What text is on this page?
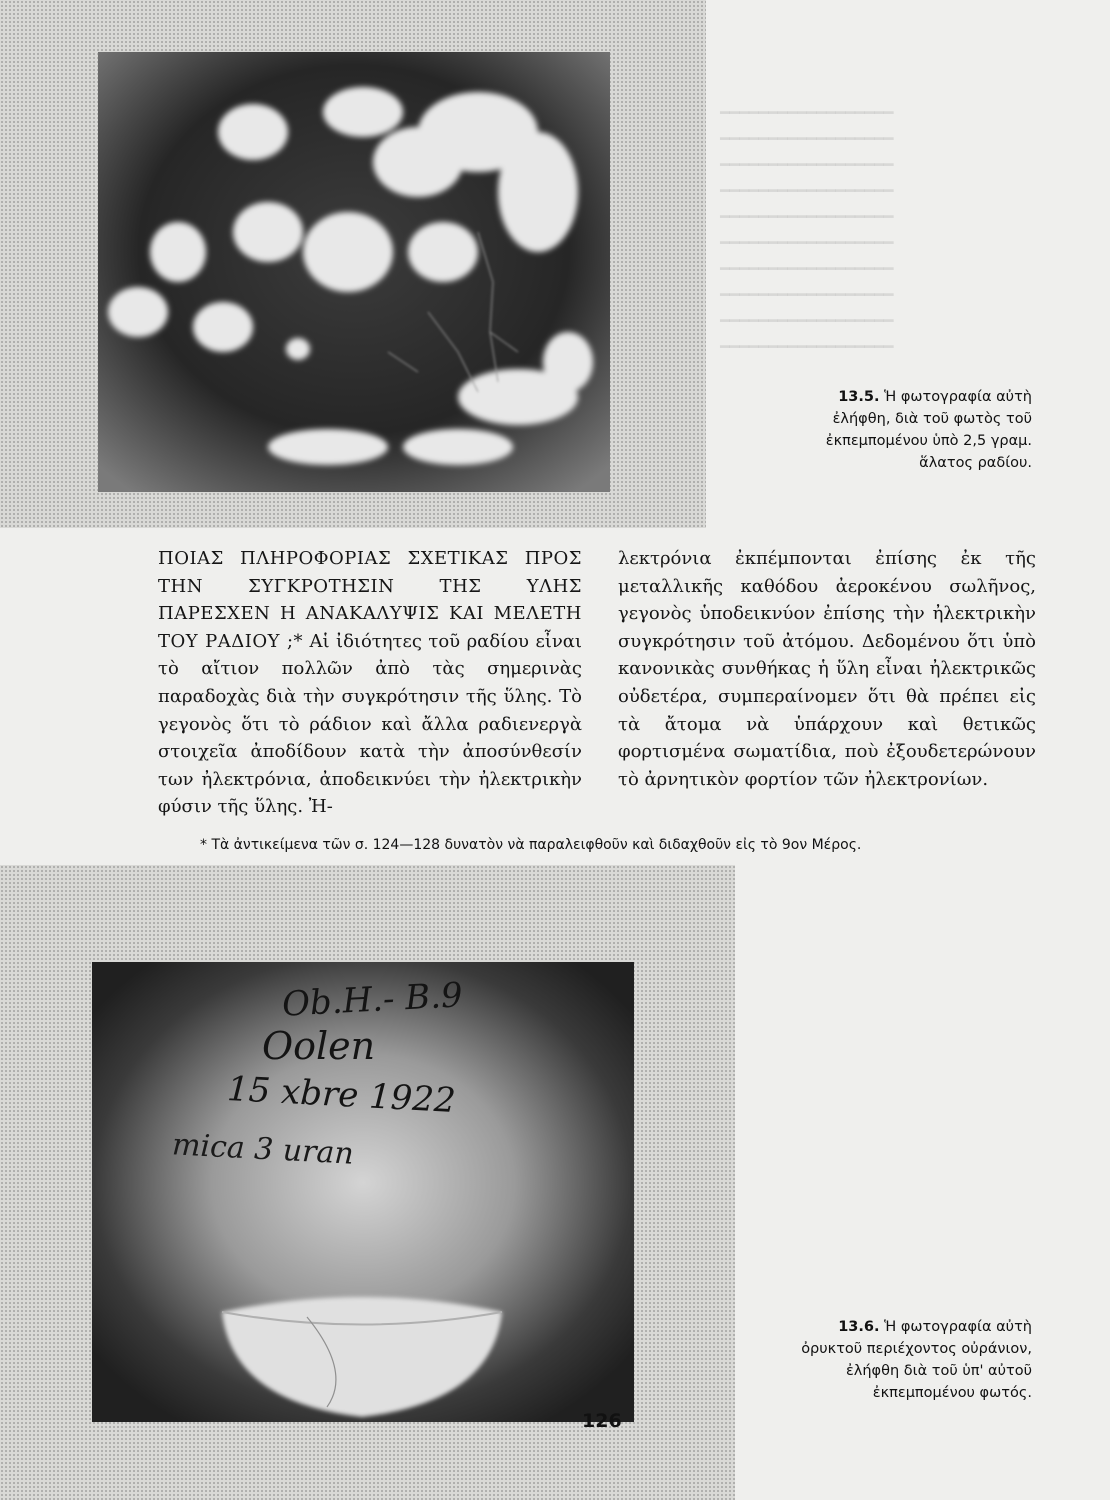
━━━━━━━━━━━━━━━━━━
━━━━━━━━━━━━━━━━━━
━━━━━━━━━━━━━━━━━━
━━━━━━━━━━━━━━━━━━
━━━━━━━━━━━━━━━━━━
━━━━━━━━━━━━━━━━━━
━━━━━━━━━━━━━━━━━━
━━━━━━━━━━━━━━━━━━
━━━━━━━━━━━━━━━━━━
━━━━━━━━━━━━━━━━━━

13.5. Ἡ φωτογραφία αὐτὴ ἐλήφθη, διὰ τοῦ φωτὸς τοῦ ἐκπεμπομένου ὑπὸ 2,5 γραμ. ἅλατος ραδίου.

ΠΟΙΑΣ ΠΛΗΡΟΦΟΡΙΑΣ ΣΧΕΤΙΚΑΣ ΠΡΟΣ ΤΗΝ ΣΥΓΚΡΟΤΗΣΙΝ ΤΗΣ ΥΛΗΣ ΠΑΡΕΣΧΕΝ Η ΑΝΑΚΑΛΥΨΙΣ ΚΑΙ ΜΕΛΕΤΗ ΤΟΥ ΡΑΔΙΟΥ ;* Αἱ ἰδιότητες τοῦ ραδίου εἶναι τὸ αἴτιον πολλῶν ἀπὸ τὰς σημερινὰς παραδοχὰς διὰ τὴν συγκρότησιν τῆς ὕλης. Τὸ γεγονὸς ὅτι τὸ ράδιον καὶ ἄλλα ραδιενεργὰ στοιχεῖα ἀποδίδουν κατὰ τὴν ἀποσύνθεσίν των ἠλεκτρόνια, ἀποδεικνύει τὴν ἠλεκτρικὴν φύσιν τῆς ὕλης. Ἠ-

λεκτρόνια ἐκπέμπονται ἐπίσης ἐκ τῆς μεταλλικῆς καθόδου ἀεροκένου σωλῆνος, γεγονὸς ὑποδεικνύον ἐπίσης τὴν ἠλεκτρικὴν συγκρότησιν τοῦ ἀτόμου. Δεδομένου ὅτι ὑπὸ κανονικὰς συνθήκας ἡ ὕλη εἶναι ἠλεκτρικῶς οὐδετέρα, συμπεραίνομεν ὅτι θὰ πρέπει εἰς τὰ ἄτομα νὰ ὑπάρχουν καὶ θετικῶς φορτισμένα σωματίδια, ποὺ ἐξουδετερώνουν τὸ ἀρνητικὸν φορτίον τῶν ἠλεκτρονίων.

* Τὰ ἀντικείμενα τῶν σ. 124—128 δυνατὸν νὰ παραλειφθοῦν καὶ διδαχθοῦν εἰς τὸ 9ον Μέρος.
Ob.H.- B.9
Oolen
15 xbre 1922
mica 3 uran

13.6. Ἡ φωτογραφία αὐτὴ ὀρυκτοῦ περιέχοντος οὐράνιον, ἐλήφθη διὰ τοῦ ὑπ' αὐτοῦ ἐκπεμπομένου φωτός.

126
